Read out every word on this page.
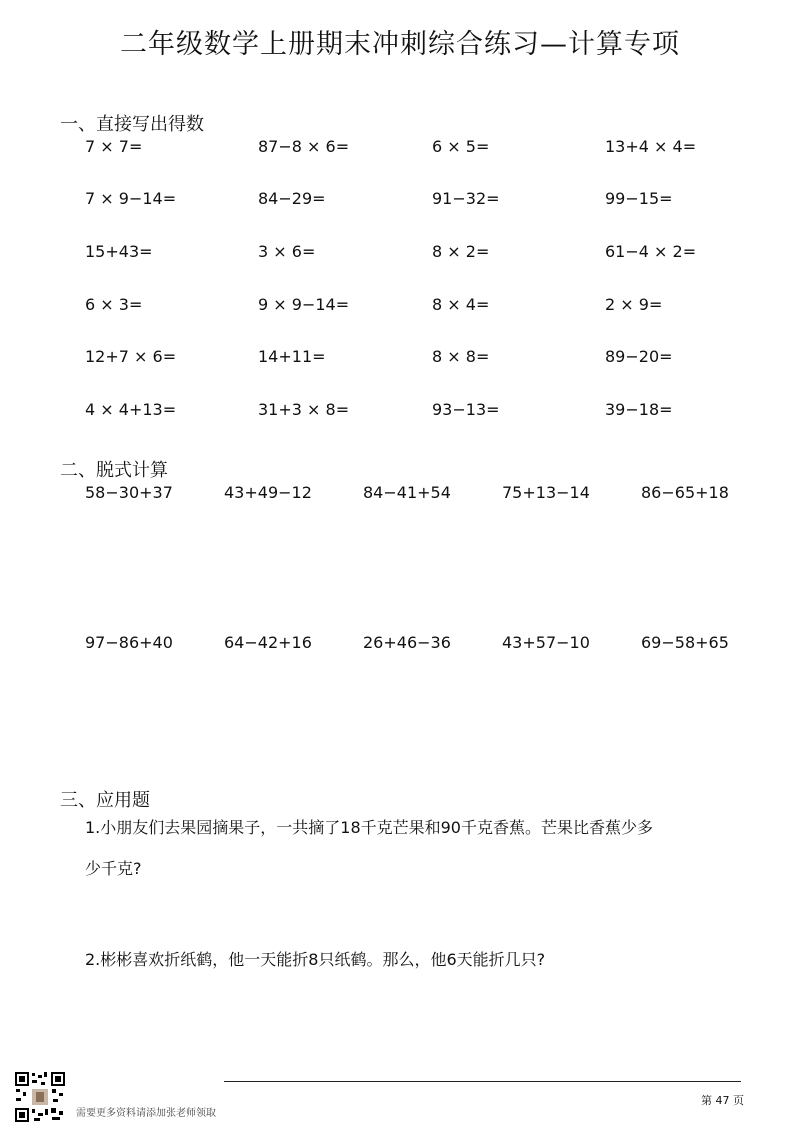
二年级数学上册期末冲刺综合练习—计算专项
一、直接写出得数
7 × 7=	87−8 × 6=	6 × 5=	13+4 × 4=
7 × 9−14=	84−29=	91−32=	99−15=
15+43=	3 × 6=	8 × 2=	61−4 × 2=
6 × 3=	9 × 9−14=	8 × 4=	2 × 9=
12+7 × 6=	14+11=	8 × 8=	89−20=
4 × 4+13=	31+3 × 8=	93−13=	39−18=
二、脱式计算
58−30+37	43+49−12	84−41+54	75+13−14	86−65+18
97−86+40	64−42+16	26+46−36	43+57−10	69−58+65
三、应用题
1.小朋友们去果园摘果子，一共摘了18千克芒果和90千克香蕉。芒果比香蕉少多
少千克?
2.彬彬喜欢折纸鹤，他一天能折8只纸鹤。那么，他6天能折几只?
需要更多资料请添加张老师领取
第 47 页
